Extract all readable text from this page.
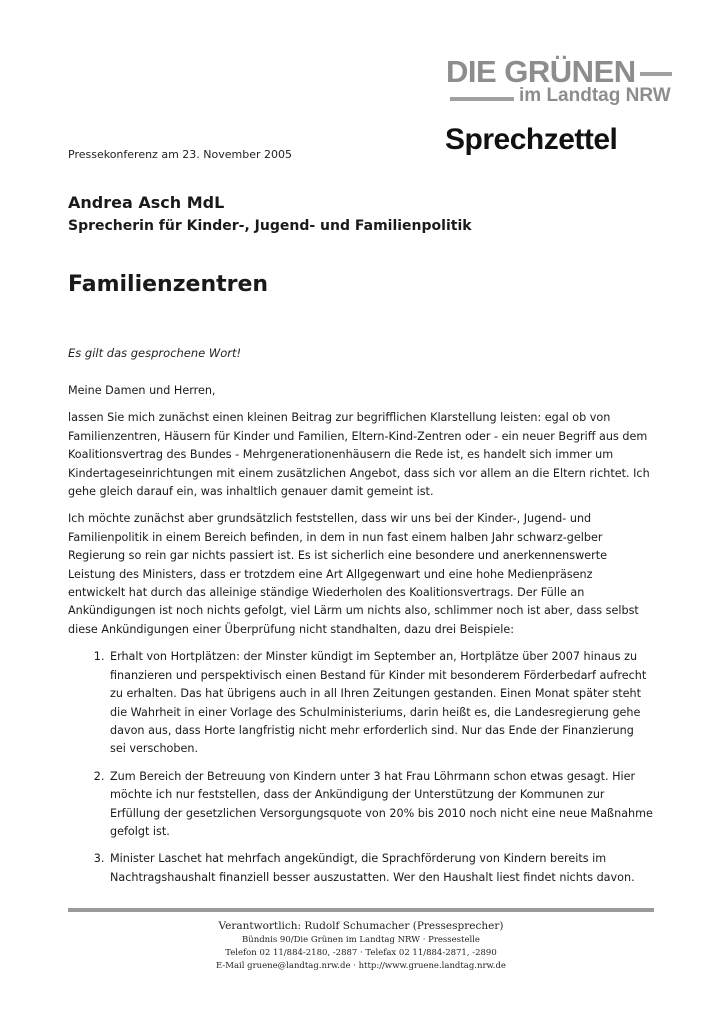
DIE GRÜNEN
im Landtag NRW
Sprechzettel
Pressekonferenz am 23. November 2005
Andrea Asch MdL
Sprecherin für Kinder-, Jugend- und Familienpolitik
Familienzentren
Es gilt das gesprochene Wort!

Meine Damen und Herren,

lassen Sie mich zunächst einen kleinen Beitrag zur begrifflichen Klarstellung leisten: egal ob von Familienzentren, Häusern für Kinder und Familien, Eltern-Kind-Zentren oder - ein neuer Begriff aus dem Koalitionsvertrag des Bundes - Mehrgenerationenhäusern die Rede ist, es handelt sich immer um Kindertageseinrichtungen mit einem zusätzlichen Angebot, dass sich vor allem an die Eltern richtet. Ich gehe gleich darauf ein, was inhaltlich genauer damit gemeint ist.

Ich möchte zunächst aber grundsätzlich feststellen, dass wir uns bei der Kinder-, Jugend- und Familienpolitik in einem Bereich befinden, in dem in nun fast einem halben Jahr schwarz-gelber Regierung so rein gar nichts passiert ist. Es ist sicherlich eine besondere und anerkennenswerte Leistung des Ministers, dass er trotzdem eine Art Allgegenwart und eine hohe Medienpräsenz entwickelt hat durch das alleinige ständige Wiederholen des Koalitionsvertrags. Der Fülle an Ankündigungen ist noch nichts gefolgt, viel Lärm um nichts also, schlimmer noch ist aber, dass selbst diese Ankündigungen einer Überprüfung nicht standhalten, dazu drei Beispiele:

1. Erhalt von Hortplätzen: der Minster kündigt im September an, Hortplätze über 2007 hinaus zu finanzieren und perspektivisch einen Bestand für Kinder mit besonderem Förderbedarf aufrecht zu erhalten. Das hat übrigens auch in all Ihren Zeitungen gestanden. Einen Monat später steht die Wahrheit in einer Vorlage des Schulministeriums, darin heißt es, die Landesregierung gehe davon aus, dass Horte langfristig nicht mehr erforderlich sind. Nur das Ende der Finanzierung sei verschoben.
2. Zum Bereich der Betreuung von Kindern unter 3 hat Frau Löhrmann schon etwas gesagt. Hier möchte ich nur feststellen, dass der Ankündigung der Unterstützung der Kommunen zur Erfüllung der gesetzlichen Versorgungsquote von 20% bis 2010 noch nicht eine neue Maßnahme gefolgt ist.
3. Minister Laschet hat mehrfach angekündigt, die Sprachförderung von Kindern bereits im Nachtragshaushalt finanziell besser auszustatten. Wer den Haushalt liest findet nichts davon.
Verantwortlich: Rudolf Schumacher (Pressesprecher)
Bündnis 90/Die Grünen im Landtag NRW · Pressestelle
Telefon 02 11/884-2180, -2887 · Telefax 02 11/884-2871, -2890
E-Mail gruene@landtag.nrw.de · http://www.gruene.landtag.nrw.de
